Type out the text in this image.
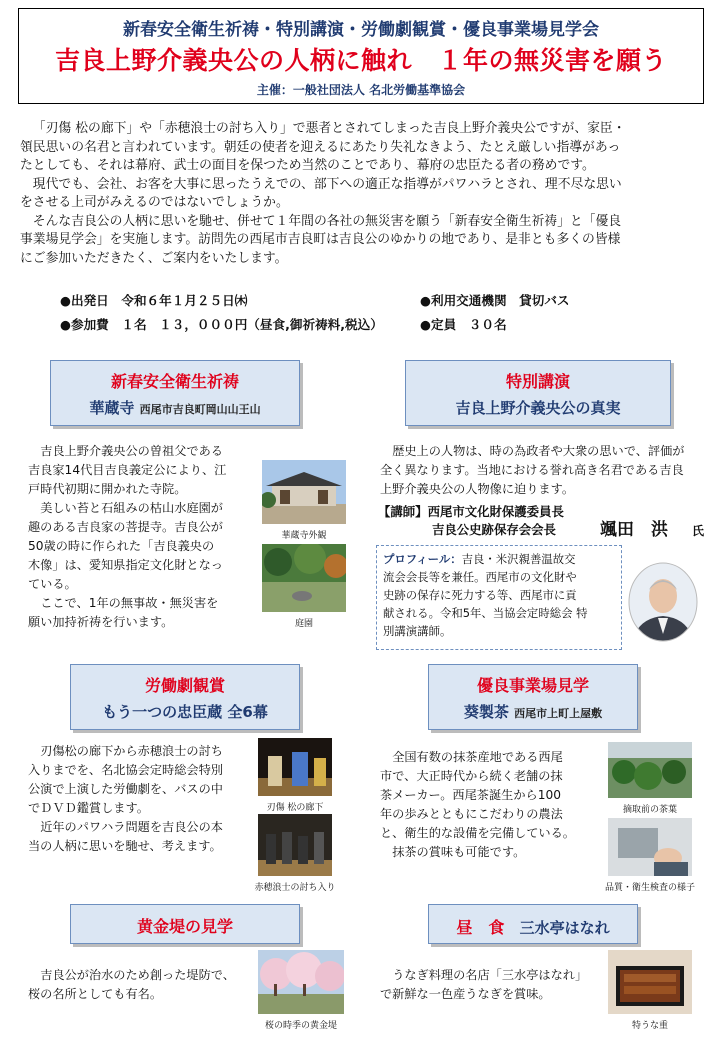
新春安全衛生祈祷・特別講演・労働劇観賞・優良事業場見学会
吉良上野介義央公の人柄に触れ　１年の無災害を願う
主催：一般社団法人 名北労働基準協会

「刃傷 松の廊下」や「赤穂浪士の討ち入り」で悪者とされてしまった吉良上野介義央公ですが、家臣・

領民思いの名君と言われています。朝廷の使者を迎えるにあたり失礼なきよう、たとえ厳しい指導があっ

たとしても、それは幕府、武士の面目を保つため当然のことであり、幕府の忠臣たる者の務めです。

現代でも、会社、お客を大事に思ったうえでの、部下への適正な指導がパワハラとされ、理不尽な思い

をさせる上司がみえるのではないでしょうか。

そんな吉良公の人柄に思いを馳せ、併せて１年間の各社の無災害を願う「新春安全衛生祈祷」と「優良

事業場見学会」を実施します。訪問先の西尾市吉良町は吉良公のゆかりの地であり、是非とも多くの皆様

にご参加いただきたく、ご案内をいたします。

●出発日　令和６年１月２５日㈭	●利用交通機関　貸切バス
●参加費　１名　１３，０００円（昼食,御祈祷料,税込）	●定員　３０名
新春安全衛生祈祷
華蔵寺 西尾市吉良町岡山山王山

吉良上野介義央公の曽祖父である

吉良家14代目吉良義定公により、江

戸時代初期に開かれた寺院。

美しい苔と石組みの枯山水庭園が

趣のある吉良家の菩提寺。吉良公が

50歳の時に作られた「吉良義央の

木像」は、愛知県指定文化財となっ

ている。

ここで、1年の無事故・無災害を

願い加持祈祷を行います。

華蔵寺外観
庭園
特別講演
吉良上野介義央公の真実

歴史上の人物は、時の為政者や大衆の思いで、評価が

全く異なります。当地における誉れ高き名君である吉良

上野介義央公の人物像に迫ります。

【講師】西尾市文化財保護委員長
吉良公史跡保存会会長	颯田　洪 氏
プロフィール：吉良・米沢親善温故交
流会会長等を兼任。西尾市の文化財や
史跡の保存に死力する等、西尾市に貢
献される。令和5年、当協会定時総会 特
別講演講師。
労働劇観賞
もう一つの忠臣蔵 全6幕

刃傷松の廊下から赤穂浪士の討ち

入りまでを、名北協会定時総会特別

公演で上演した労働劇を、バスの中

でＤＶＤ鑑賞します。

近年のパワハラ問題を吉良公の本

当の人柄に思いを馳せ、考えます。

刃傷 松の廊下
赤穂浪士の討ち入り
優良事業場見学
葵製茶 西尾市上町上屋敷

全国有数の抹茶産地である西尾

市で、大正時代から続く老舗の抹

茶メーカー。西尾茶誕生から100

年の歩みとともにこだわりの農法

と、衛生的な設備を完備している。

抹茶の賞味も可能です。

摘取前の茶葉
品質・衛生検査の様子
黄金堤の見学

吉良公が治水のため創った堤防で、

桜の名所としても有名。

桜の時季の黄金堤
昼　食 三水亭はなれ

うなぎ料理の名店「三水亭はなれ」

で新鮮な一色産うなぎを賞味。

特うな重
